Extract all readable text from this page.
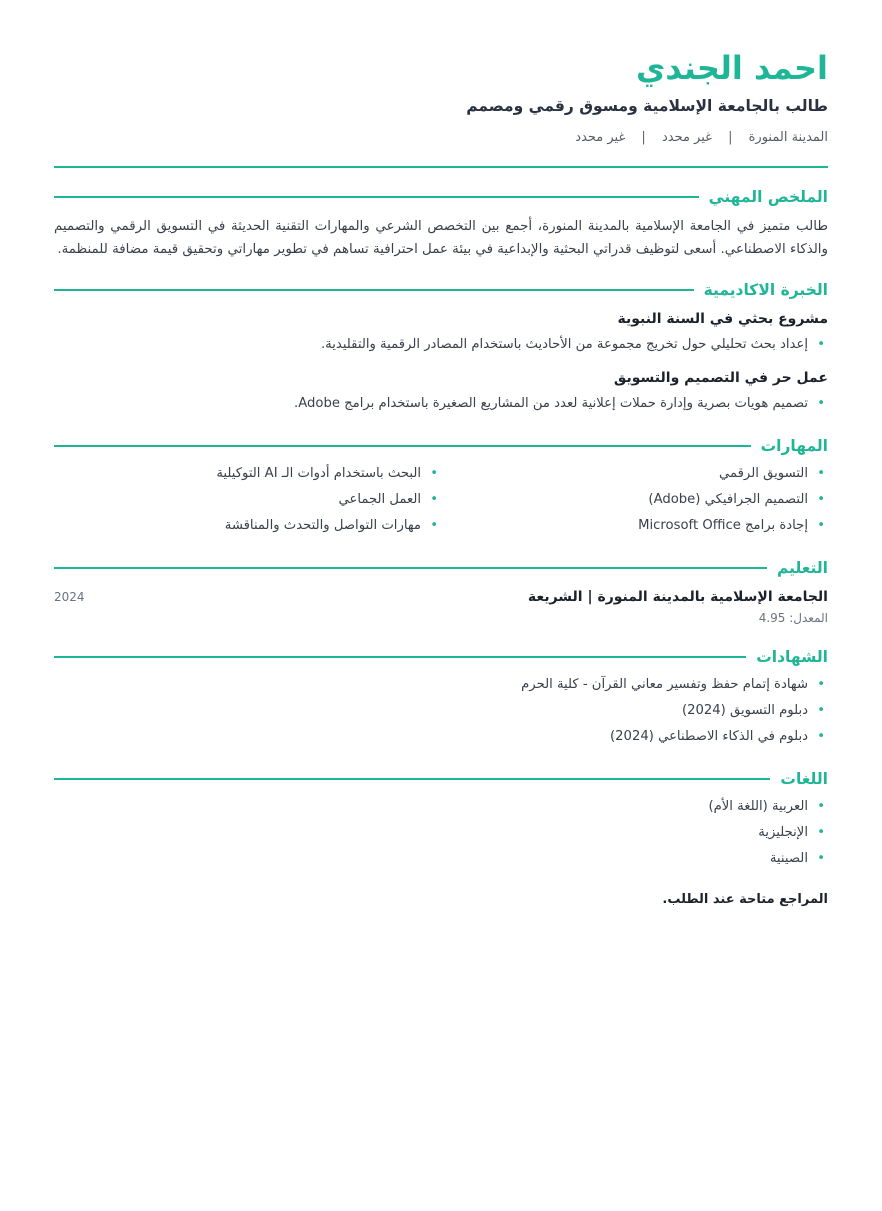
احمد الجندي
طالب بالجامعة الإسلامية ومسوق رقمي ومصمم
المدينة المنورة | غير محدد | غير محدد
الملخص المهني
طالب متميز في الجامعة الإسلامية بالمدينة المنورة، أجمع بين التخصص الشرعي والمهارات التقنية الحديثة في التسويق الرقمي والتصميم والذكاء الاصطناعي. أسعى لتوظيف قدراتي البحثية والإبداعية في بيئة عمل احترافية تساهم في تطوير مهاراتي وتحقيق قيمة مضافة للمنظمة.
الخبرة الاكاديمية
مشروع بحثي في السنة النبوية
•
إعداد بحث تحليلي حول تخريج مجموعة من الأحاديث باستخدام المصادر الرقمية والتقليدية.
عمل حر في التصميم والتسويق
•
تصميم هويات بصرية وإدارة حملات إعلانية لعدد من المشاريع الصغيرة باستخدام برامج Adobe.
المهارات
•
التسويق الرقمي
•
التصميم الجرافيكي (Adobe)
•
إجادة برامج Microsoft Office
•
البحث باستخدام أدوات الـ AI التوكيلية
•
العمل الجماعي
•
مهارات التواصل والتحدث والمناقشة
التعليم
الجامعة الإسلامية بالمدينة المنورة | الشريعة
2024
المعدل: 4.95
الشهادات
•
شهادة إتمام حفظ وتفسير معاني القرآن - كلية الحرم
•
دبلوم التسويق (2024)
•
دبلوم في الذكاء الاصطناعي (2024)
اللغات
•
العربية (اللغة الأم)
•
الإنجليزية
•
الصينية
المراجع متاحة عند الطلب.
